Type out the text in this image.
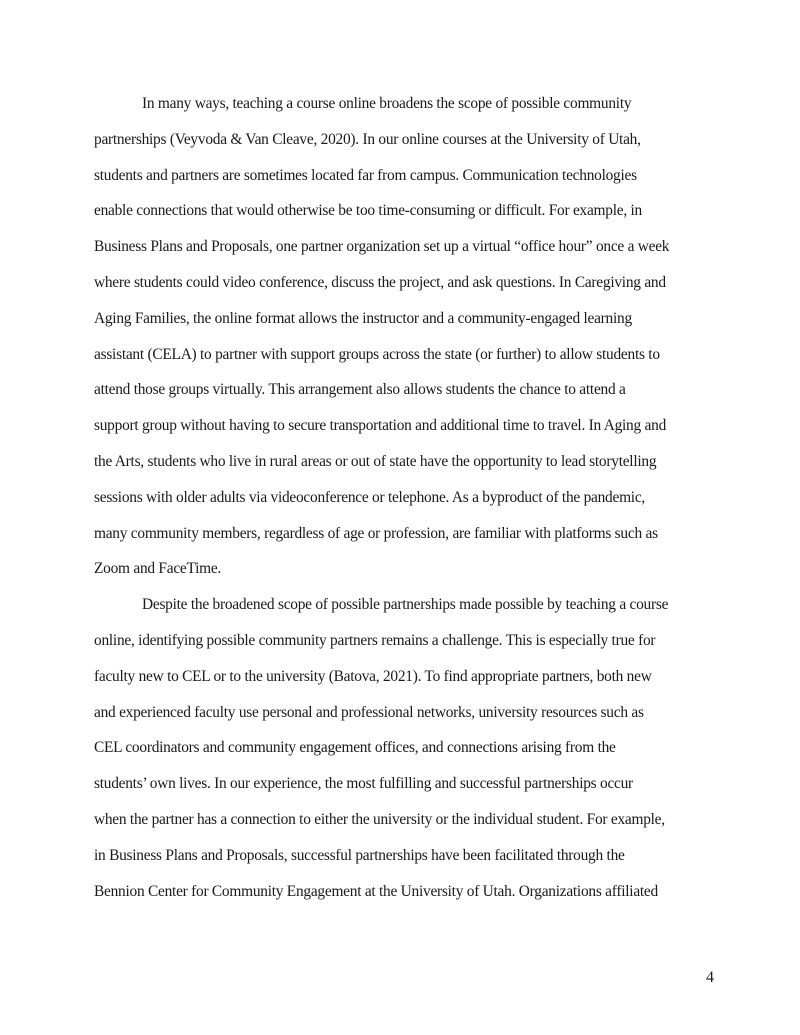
In many ways, teaching a course online broadens the scope of possible community
partnerships (Veyvoda & Van Cleave, 2020). In our online courses at the University of Utah,
students and partners are sometimes located far from campus. Communication technologies
enable connections that would otherwise be too time-consuming or difficult. For example, in
Business Plans and Proposals, one partner organization set up a virtual “office hour” once a week
where students could video conference, discuss the project, and ask questions. In Caregiving and
Aging Families, the online format allows the instructor and a community-engaged learning
assistant (CELA) to partner with support groups across the state (or further) to allow students to
attend those groups virtually. This arrangement also allows students the chance to attend a
support group without having to secure transportation and additional time to travel. In Aging and
the Arts, students who live in rural areas or out of state have the opportunity to lead storytelling
sessions with older adults via videoconference or telephone. As a byproduct of the pandemic,
many community members, regardless of age or profession, are familiar with platforms such as
Zoom and FaceTime.
Despite the broadened scope of possible partnerships made possible by teaching a course
online, identifying possible community partners remains a challenge. This is especially true for
faculty new to CEL or to the university (Batova, 2021). To find appropriate partners, both new
and experienced faculty use personal and professional networks, university resources such as
CEL coordinators and community engagement offices, and connections arising from the
students’ own lives. In our experience, the most fulfilling and successful partnerships occur
when the partner has a connection to either the university or the individual student. For example,
in Business Plans and Proposals, successful partnerships have been facilitated through the
Bennion Center for Community Engagement at the University of Utah. Organizations affiliated
4
